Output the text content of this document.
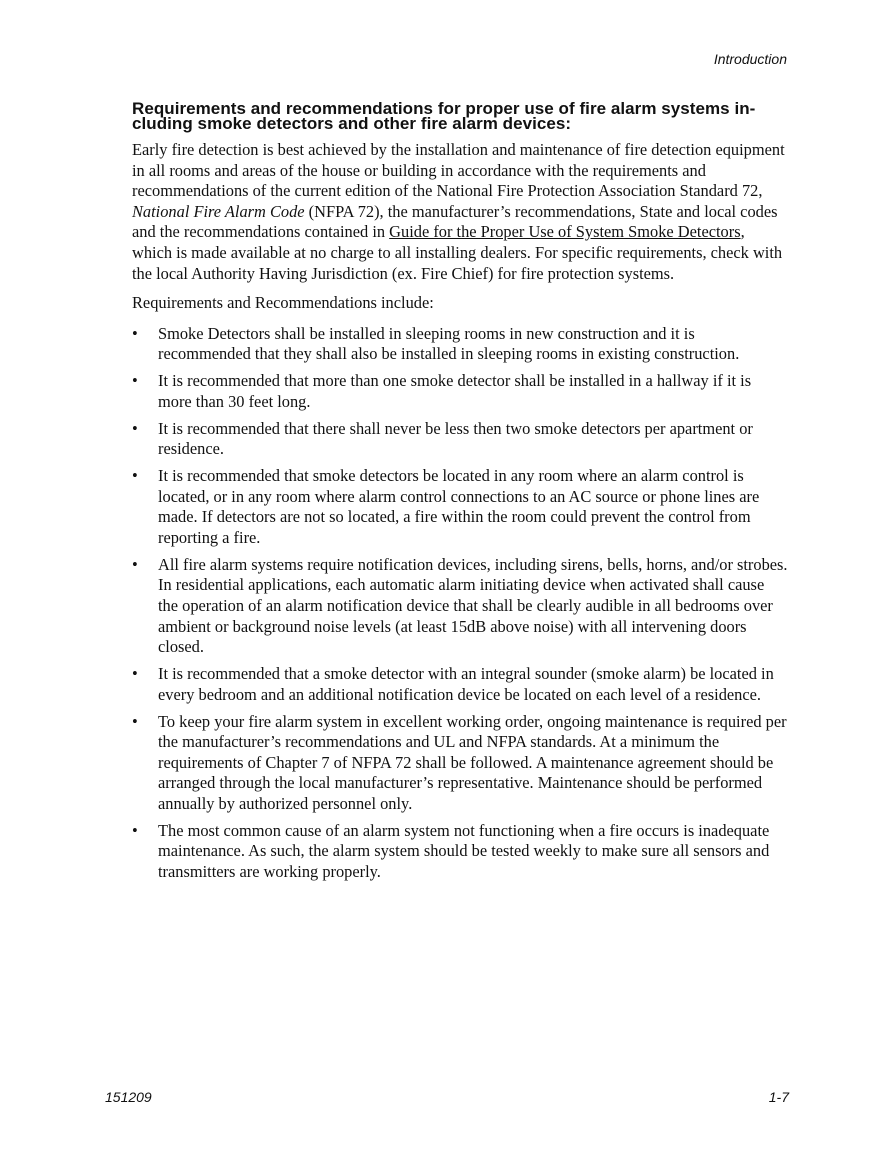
Introduction
Requirements and recommendations for proper use of fire alarm systems in-cluding smoke detectors and other fire alarm devices:

Early fire detection is best achieved by the installation and maintenance of fire detection equipment in all rooms and areas of the house or building in accordance with the requirements and recommendations of the current edition of the National Fire Protection Association Standard 72, National Fire Alarm Code (NFPA 72), the manufacturer’s recommendations, State and local codes and the recommendations contained in Guide for the Proper Use of System Smoke Detectors, which is made available at no charge to all installing dealers. For specific requirements, check with the local Authority Having Jurisdiction (ex. Fire Chief) for fire protection systems.

Requirements and Recommendations include:

• Smoke Detectors shall be installed in sleeping rooms in new construction and it is recommended that they shall also be installed in sleeping rooms in existing construction.
• It is recommended that more than one smoke detector shall be installed in a hallway if it is more than 30 feet long.
• It is recommended that there shall never be less then two smoke detectors per apartment or residence.
• It is recommended that smoke detectors be located in any room where an alarm control is located, or in any room where alarm control connections to an AC source or phone lines are made. If detectors are not so located, a fire within the room could prevent the control from reporting a fire.
• All fire alarm systems require notification devices, including sirens, bells, horns, and/or strobes. In residential applications, each automatic alarm initiating device when activated shall cause the operation of an alarm notification device that shall be clearly audible in all bedrooms over ambient or background noise levels (at least 15dB above noise) with all intervening doors closed.
• It is recommended that a smoke detector with an integral sounder (smoke alarm) be located in every bedroom and an additional notification device be located on each level of a residence.
• To keep your fire alarm system in excellent working order, ongoing maintenance is required per the manufacturer’s recommendations and UL and NFPA standards. At a minimum the requirements of Chapter 7 of NFPA 72 shall be followed. A maintenance agreement should be arranged through the local manufacturer’s representative. Maintenance should be performed annually by authorized personnel only.
• The most common cause of an alarm system not functioning when a fire occurs is inadequate maintenance. As such, the alarm system should be tested weekly to make sure all sensors and transmitters are working properly.
151209	1-7
